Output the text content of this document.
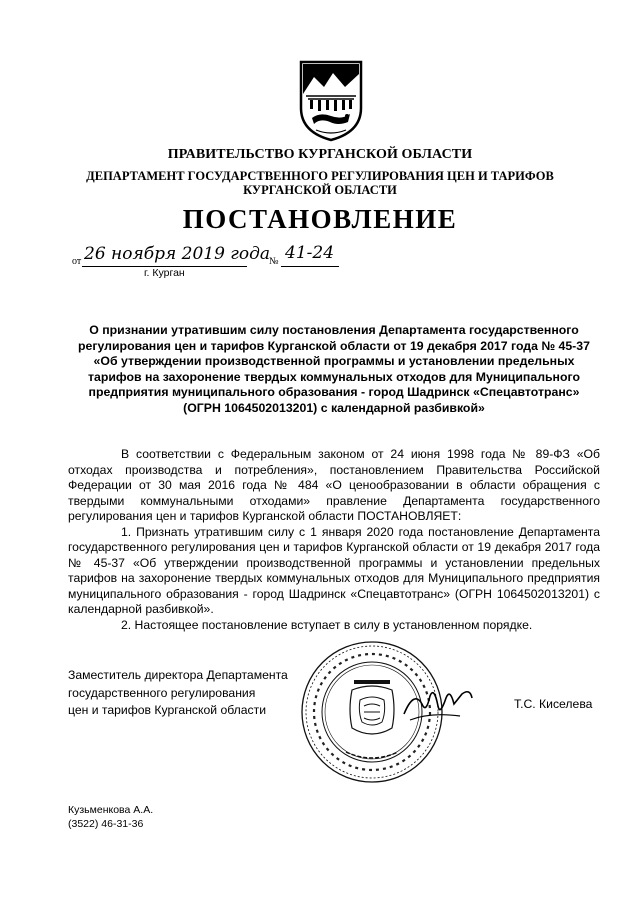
ПРАВИТЕЛЬСТВО КУРГАНСКОЙ ОБЛАСТИ
ДЕПАРТАМЕНТ ГОСУДАРСТВЕННОГО РЕГУЛИРОВАНИЯ ЦЕН И ТАРИФОВ
КУРГАНСКОЙ ОБЛАСТИ
ПОСТАНОВЛЕНИЕ
от 26 ноября 2019 года
№ 41-24
г. Курган
О признании утратившим силу постановления Департамента государственного регулирования цен и тарифов Курганской области от 19 декабря 2017 года № 45-37 «Об утверждении производственной программы и установлении предельных тарифов на захоронение твердых коммунальных отходов для Муниципального предприятия муниципального образования - город Шадринск «Спецавтотранс» (ОГРН 1064502013201) с календарной разбивкой»

В соответствии с Федеральным законом от 24 июня 1998 года № 89-ФЗ «Об отходах производства и потребления», постановлением Правительства Российской Федерации от 30 мая 2016 года № 484 «О ценообразовании в области обращения с твердыми коммунальными отходами» правление Департамента государственного регулирования цен и тарифов Курганской области ПОСТАНОВЛЯЕТ:

1. Признать утратившим силу с 1 января 2020 года постановление Департамента государственного регулирования цен и тарифов Курганской области от 19 декабря 2017 года № 45-37 «Об утверждении производственной программы и установлении предельных тарифов на захоронение твердых коммунальных отходов для Муниципального предприятия муниципального образования - город Шадринск «Спецавтотранс» (ОГРН 1064502013201) с календарной разбивкой».

2. Настоящее постановление вступает в силу в установленном порядке.

Заместитель директора Департамента
государственного регулирования
цен и тарифов Курганской области	Т.С. Киселева
Кузьменкова А.А.
(3522) 46-31-36
